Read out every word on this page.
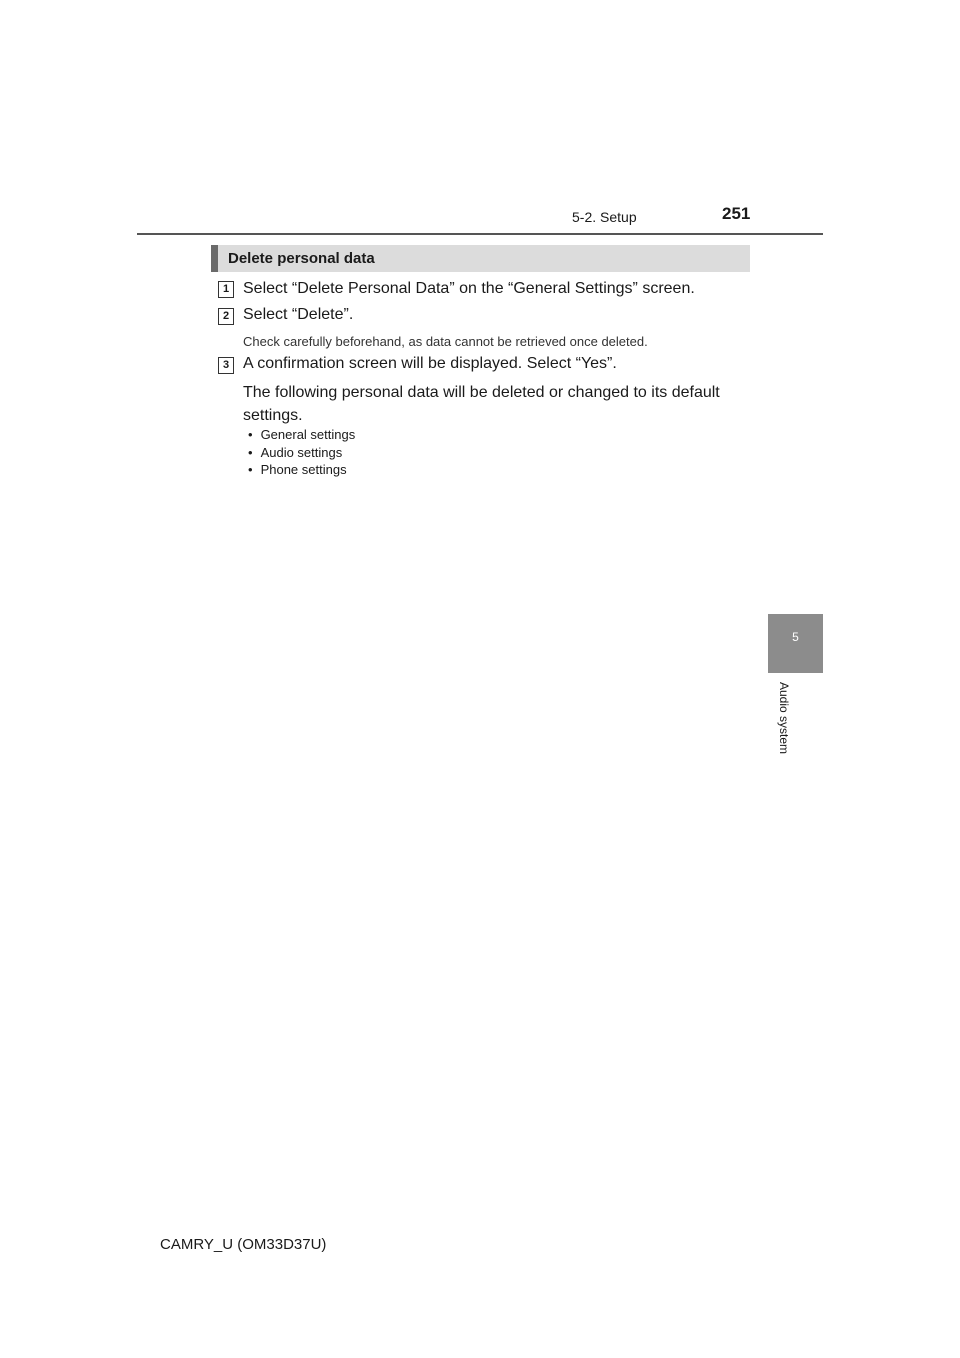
5-2. Setup	251
5
Audio system
Delete personal data
1 Select “Delete Personal Data” on the “General Settings” screen.
2 Select “Delete”.
Check carefully beforehand, as data cannot be retrieved once deleted.
3 A confirmation screen will be displayed. Select “Yes”.
The following personal data will be deleted or changed to its default settings.
• General settings
• Audio settings
• Phone settings
CAMRY_U (OM33D37U)
